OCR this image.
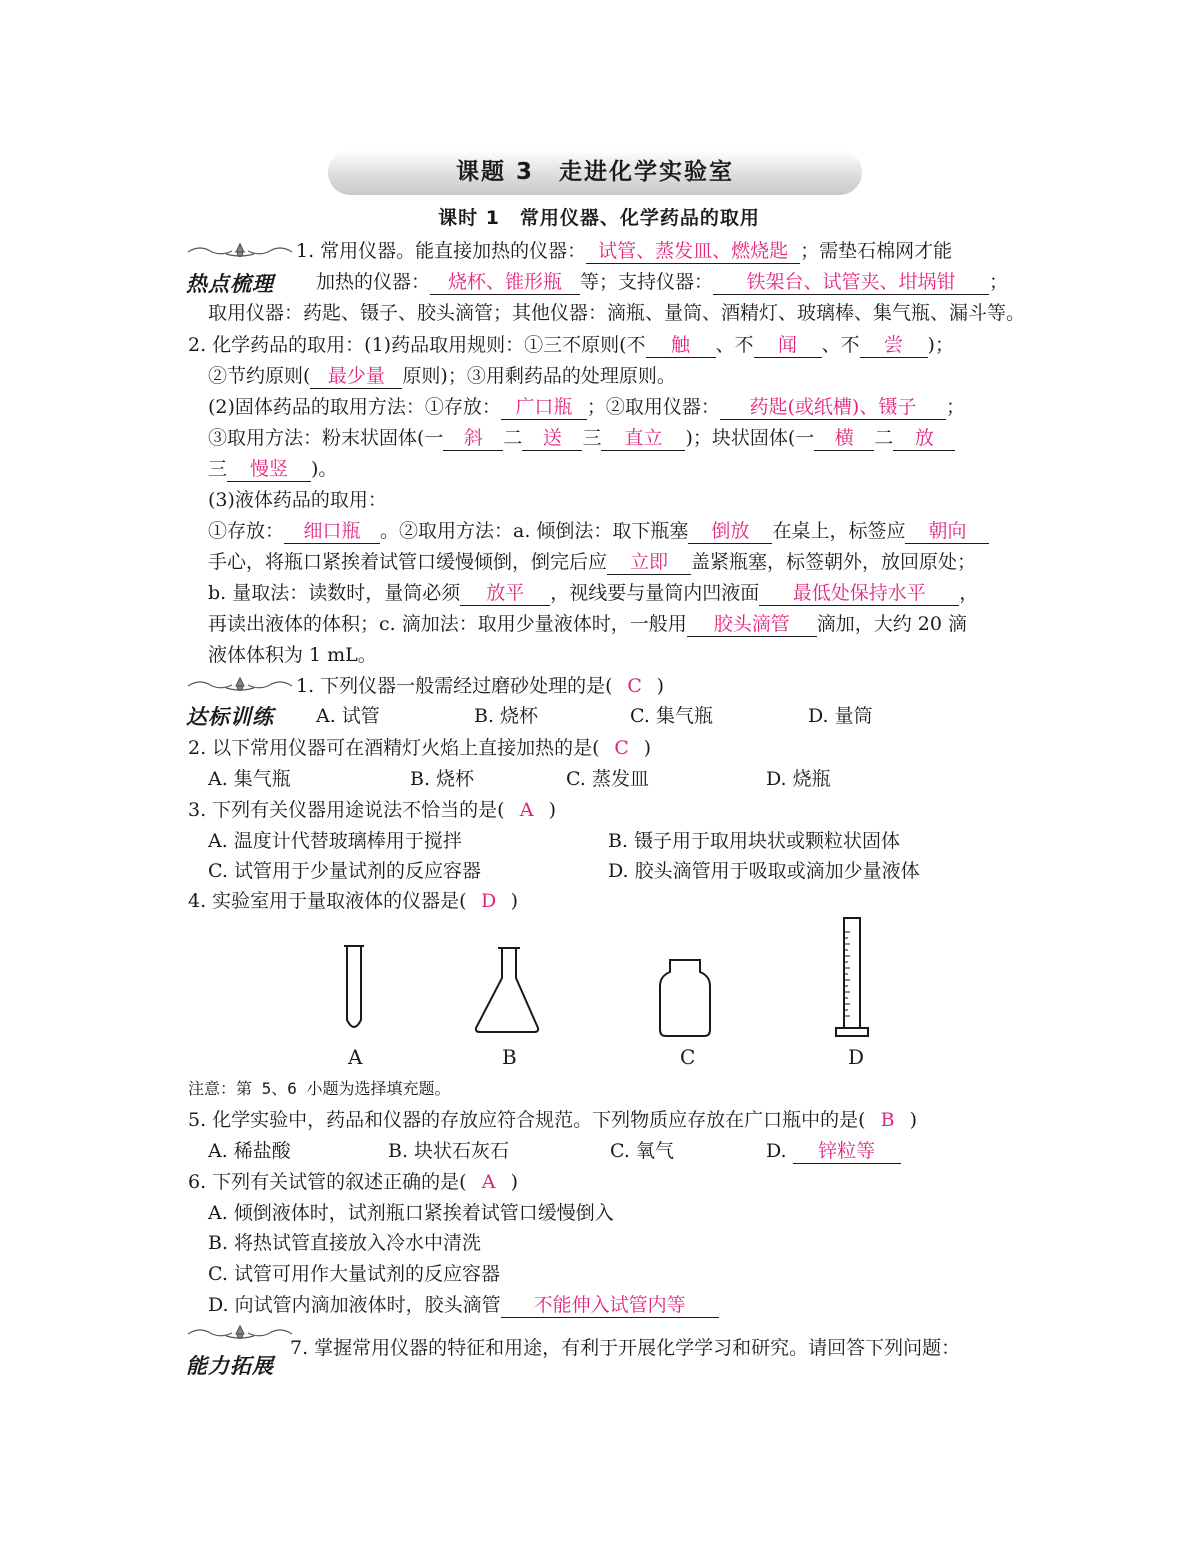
课题 3　走进化学实验室
课时 1　常用仪器、化学药品的取用
热点梳理
1. 常用仪器。能直接加热的仪器： 试管、蒸发皿、燃烧匙 ；需垫石棉网才能
加热的仪器： 烧杯、锥形瓶 等；支持仪器： 铁架台、试管夹、坩埚钳 ；
取用仪器：药匙、镊子、胶头滴管；其他仪器：滴瓶、量筒、酒精灯、玻璃棒、集气瓶、漏斗等。
2. 化学药品的取用：(1)药品取用规则：①三不原则(不 触 、不 闻 、不 尝 )；
②节约原则( 最少量 原则)；③用剩药品的处理原则。
(2)固体药品的取用方法：①存放： 广口瓶 ；②取用仪器： 药匙(或纸槽)、镊子 ；
③取用方法：粉末状固体(一 斜 二 送 三 直立 )；块状固体(一 横 二 放
三 慢竖 )。
(3)液体药品的取用：
①存放： 细口瓶 。②取用方法：a. 倾倒法：取下瓶塞 倒放 在桌上，标签应 朝向
手心，将瓶口紧挨着试管口缓慢倾倒，倒完后应 立即 盖紧瓶塞，标签朝外，放回原处；
b. 量取法：读数时，量筒必须 放平 ，视线要与量筒内凹液面 最低处保持水平 ，
再读出液体的体积；c. 滴加法：取用少量液体时，一般用 胶头滴管 滴加，大约 20 滴
液体体积为 1 mL。
达标训练
1. 下列仪器一般需经过磨砂处理的是( C )
A. 试管	B. 烧杯	C. 集气瓶	D. 量筒
2. 以下常用仪器可在酒精灯火焰上直接加热的是( C )
A. 集气瓶	B. 烧杯	C. 蒸发皿	D. 烧瓶
3. 下列有关仪器用途说法不恰当的是( A )
A. 温度计代替玻璃棒用于搅拌	B. 镊子用于取用块状或颗粒状固体
C. 试管用于少量试剂的反应容器	D. 胶头滴管用于吸取或滴加少量液体
4. 实验室用于量取液体的仪器是( D )
A	B	C	D
注意：第 5、6 小题为选择填充题。
5. 化学实验中，药品和仪器的存放应符合规范。下列物质应存放在广口瓶中的是( B )
A. 稀盐酸	B. 块状石灰石	C. 氧气	D. 锌粒等
6. 下列有关试管的叙述正确的是( A )
A. 倾倒液体时，试剂瓶口紧挨着试管口缓慢倒入
B. 将热试管直接放入冷水中清洗
C. 试管可用作大量试剂的反应容器
D. 向试管内滴加液体时，胶头滴管 不能伸入试管内等
能力拓展
7. 掌握常用仪器的特征和用途，有利于开展化学学习和研究。请回答下列问题：
